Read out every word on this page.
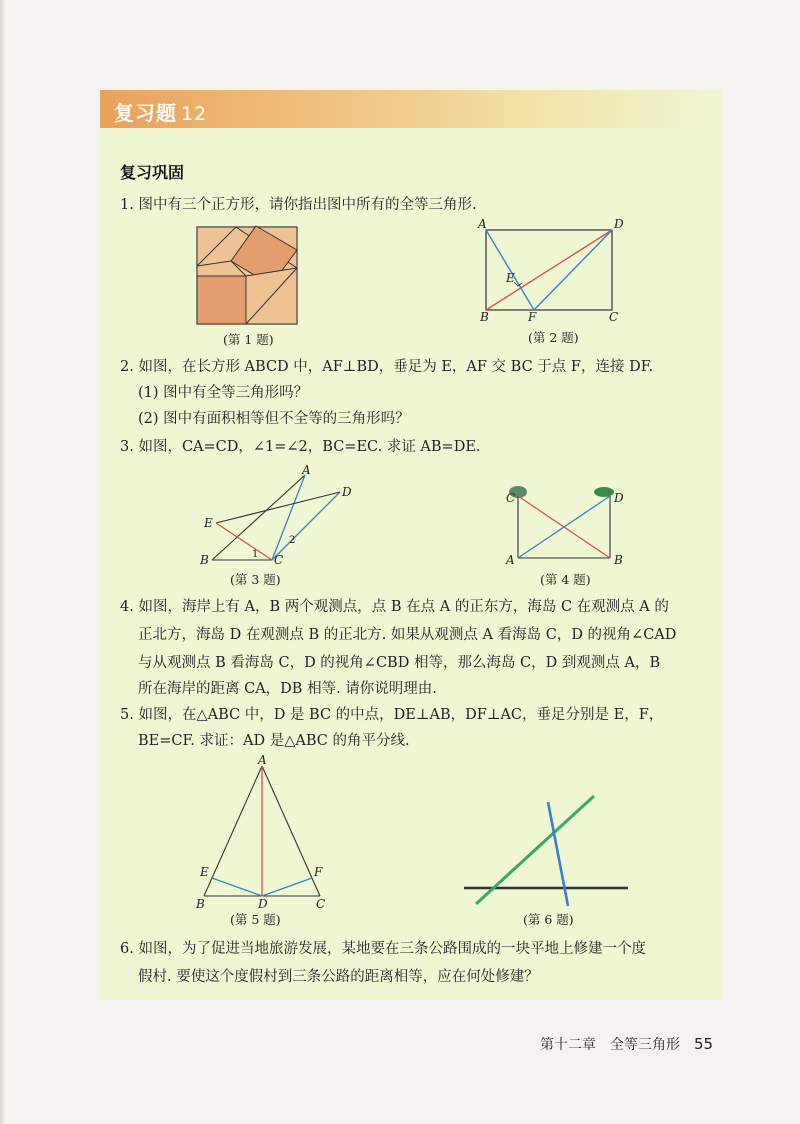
复习题 12
复习巩固
1. 图中有三个正方形，请你指出图中所有的全等三角形.
(第 1 题)
A	D
B	F	C
E
(第 2 题)
2. 如图，在长方形 ABCD 中，AF⊥BD，垂足为 E，AF 交 BC 于点 F，连接 DF.
(1) 图中有全等三角形吗？
(2) 图中有面积相等但不全等的三角形吗？
3. 如图，CA=CD，∠1=∠2，BC=EC. 求证 AB=DE.
A
D
E
B	C
1
2
(第 3 题)
C	D
A	B
(第 4 题)
4. 如图，海岸上有 A，B 两个观测点，点 B 在点 A 的正东方，海岛 C 在观测点 A 的
正北方，海岛 D 在观测点 B 的正北方. 如果从观测点 A 看海岛 C，D 的视角∠CAD
与从观测点 B 看海岛 C，D 的视角∠CBD 相等，那么海岛 C，D 到观测点 A，B
所在海岸的距离 CA，DB 相等. 请你说明理由.
5. 如图，在△ABC 中，D 是 BC 的中点，DE⊥AB，DF⊥AC，垂足分别是 E，F，
BE=CF. 求证：AD 是△ABC 的角平分线.
A
E	F
B	D	C
(第 5 题)	(第 6 题)
6. 如图，为了促进当地旅游发展，某地要在三条公路围成的一块平地上修建一个度
假村. 要使这个度假村到三条公路的距离相等，应在何处修建？
第十二章　全等三角形 55
